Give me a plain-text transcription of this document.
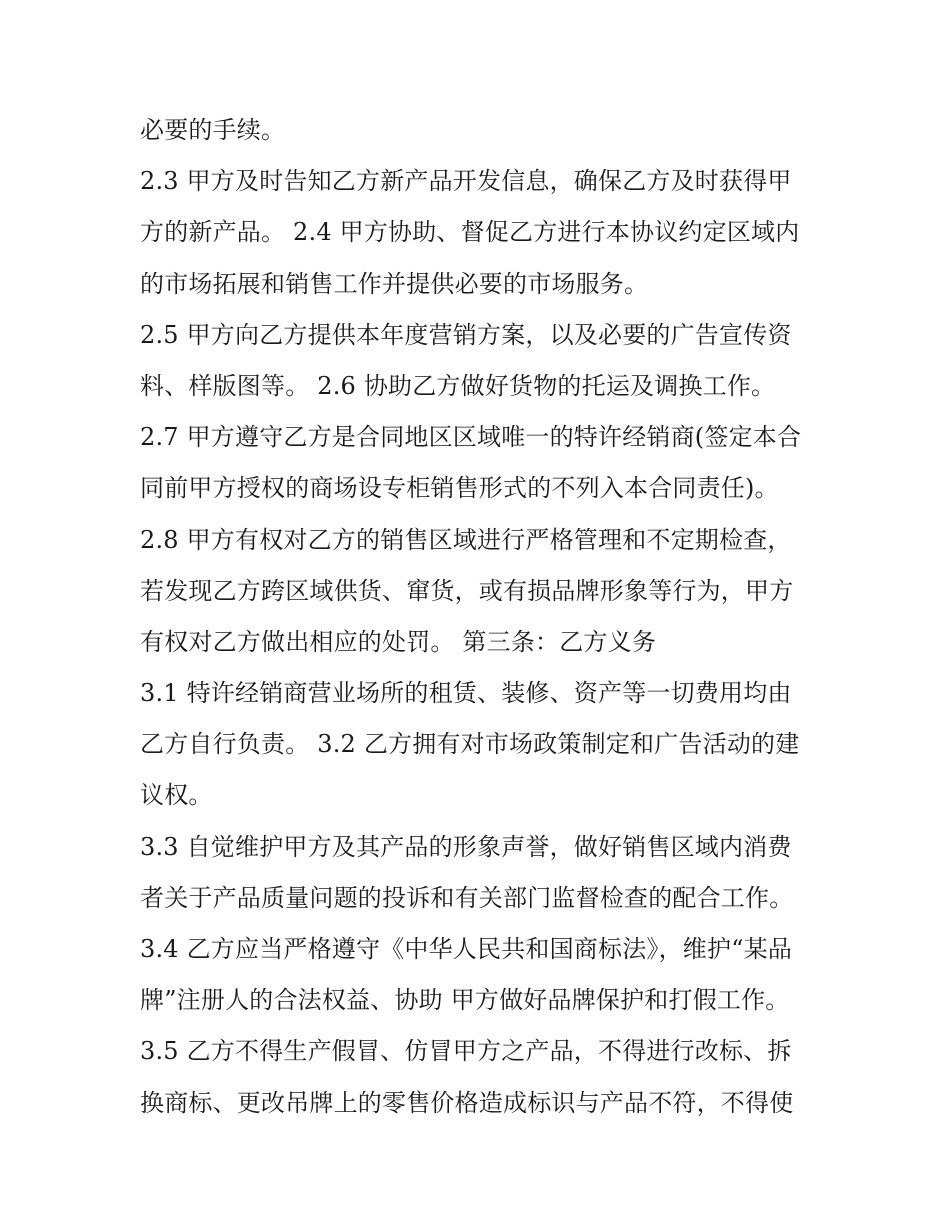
必要的手续。
2.3 甲方及时告知乙方新产品开发信息，确保乙方及时获得甲
方的新产品。 2.4 甲方协助、督促乙方进行本协议约定区域内
的市场拓展和销售工作并提供必要的市场服务。
2.5 甲方向乙方提供本年度营销方案，以及必要的广告宣传资
料、样版图等。 2.6 协助乙方做好货物的托运及调换工作。
2.7 甲方遵守乙方是合同地区区域唯一的特许经销商(签定本合
同前甲方授权的商场设专柜销售形式的不列入本合同责任)。
2.8 甲方有权对乙方的销售区域进行严格管理和不定期检查，
若发现乙方跨区域供货、窜货，或有损品牌形象等行为，甲方
有权对乙方做出相应的处罚。 第三条：乙方义务
3.1 特许经销商营业场所的租赁、装修、资产等一切费用均由
乙方自行负责。 3.2 乙方拥有对市场政策制定和广告活动的建
议权。
3.3 自觉维护甲方及其产品的形象声誉，做好销售区域内消费
者关于产品质量问题的投诉和有关部门监督检查的配合工作。
3.4 乙方应当严格遵守《中华人民共和国商标法》，维护“某品
牌”注册人的合法权益、协助 甲方做好品牌保护和打假工作。
3.5 乙方不得生产假冒、仿冒甲方之产品，不得进行改标、拆
换商标、更改吊牌上的零售价格造成标识与产品不符，不得使
